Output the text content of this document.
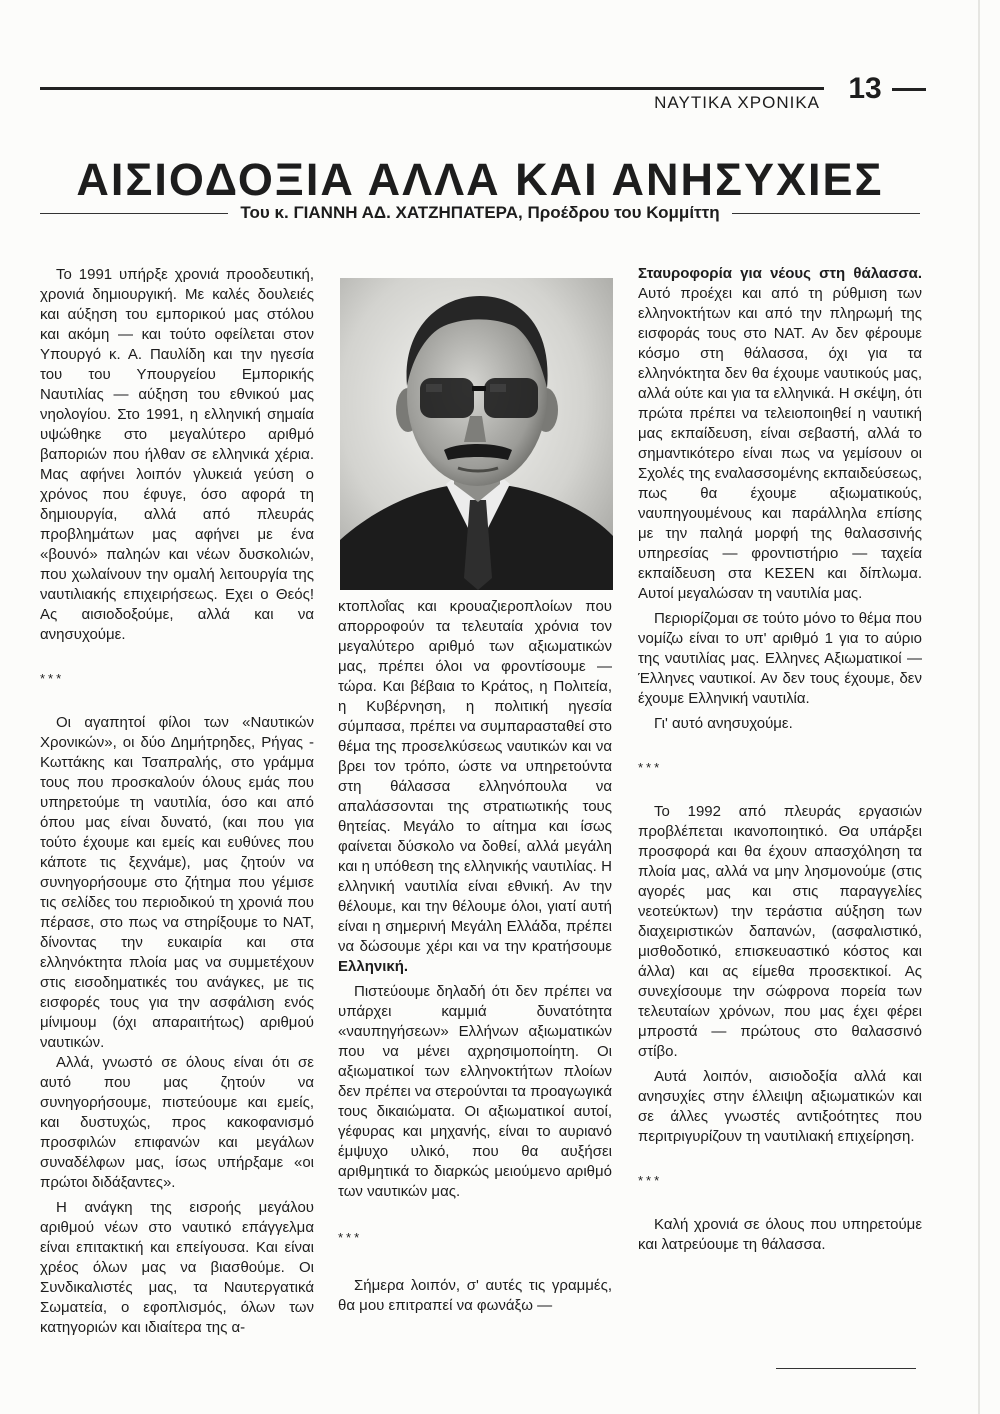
ΝΑΥΤΙΚΑ ΧΡΟΝΙΚΑ 13
ΑΙΣΙΟΔΟΞΙΑ ΑΛΛΑ ΚΑΙ ΑΝΗΣΥΧΙΕΣ
Του κ. ΓΙΑΝΝΗ ΑΔ. ΧΑΤΖΗΠΑΤΕΡΑ, Προέδρου του Κομμίττη

Το 1991 υπήρξε χρονιά προοδευτική, χρονιά δημιουργική. Με καλές δουλειές και αύξηση του εμπορικού μας στόλου και ακόμη — και τούτο οφείλεται στον Υπουργό κ. Α. Παυλίδη και την ηγεσία του του Υπουργείου Εμπορικής Ναυτιλίας — αύξηση του εθνικού μας νηολογίου. Στο 1991, η ελληνική σημαία υψώθηκε στο μεγαλύτερο αριθμό βαποριών που ήλθαν σε ελληνικά χέρια. Μας αφήνει λοιπόν γλυκειά γεύση ο χρόνος που έφυγε, όσο αφορά τη δημιουργία, αλλά από πλευράς προβλημάτων μας αφήνει με ένα «βουνό» παληών και νέων δυσκολιών, που χωλαίνουν την ομαλή λειτουργία της ναυτιλιακής επιχειρήσεως. Εχει ο Θεός! Ας αισιοδοξούμε, αλλά και να ανησυχούμε.

***

Οι αγαπητοί φίλοι των «Ναυτικών Χρονικών», οι δύο Δημήτρηδες, Ρήγας - Κωττάκης και Τσαπραλής, στο γράμμα τους που προσκαλούν όλους εμάς που υπηρετούμε τη ναυτιλία, όσο και από όπου μας είναι δυνατό, (και που για τούτο έχουμε και εμείς και ευθύνες που κάποτε τις ξεχνάμε), μας ζητούν να συνηγορήσουμε στο ζήτημα που γέμισε τις σελίδες του περιοδικού τη χρονιά που πέρασε, στο πως να στηρίξουμε το ΝΑΤ, δίνοντας την ευκαιρία και στα ελληνόκτητα πλοία μας να συμμετέχουν στις εισοδηματικές του ανάγκες, με τις εισφορές τους για την ασφάλιση ενός μίνιμουμ (όχι απαραιτήτως) αριθμού ναυτικών.

Αλλά, γνωστό σε όλους είναι ότι σε αυτό που μας ζητούν να συνηγορήσουμε, πιστεύουμε και εμείς, και δυστυχώς, προς κακοφανισμό προσφιλών επιφανών και μεγάλων συναδέλφων μας, ίσως υπήρξαμε «οι πρώτοι διδάξαντες».

Η ανάγκη της εισροής μεγάλου αριθμού νέων στο ναυτικό επάγγελμα είναι επιτακτική και επείγουσα. Και είναι χρέος όλων μας να βιασθούμε. Οι Συνδικαλιστές μας, τα Ναυτεργατικά Σωματεία, ο εφοπλισμός, όλων των κατηγοριών και ιδιαίτερα της α-

κτοπλοΐας και κρουαζιεροπλοίων που απορροφούν τα τελευταία χρόνια τον μεγαλύτερο αριθμό των αξιωματικών μας, πρέπει όλοι να φροντίσουμε — τώρα. Και βέβαια το Κράτος, η Πολιτεία, η Κυβέρνηση, η πολιτική ηγεσία σύμπασα, πρέπει να συμπαρασταθεί στο θέμα της προσελκύσεως ναυτικών και να βρει τον τρόπο, ώστε να υπηρετούντα στη θάλασσα ελληνόπουλα να απαλάσσονται της στρατιωτικής τους θητείας. Μεγάλο το αίτημα και ίσως φαίνεται δύσκολο να δοθεί, αλλά μεγάλη και η υπόθεση της ελληνικής ναυτιλίας. Η ελληνική ναυτιλία είναι εθνική. Αν την θέλουμε, και την θέλουμε όλοι, γιατί αυτή είναι η σημερινή Μεγάλη Ελλάδα, πρέπει να δώσουμε χέρι και να την κρατήσουμε Ελληνική.

Πιστεύουμε δηλαδή ότι δεν πρέπει να υπάρχει καμμιά δυνατότητα «ναυπηγήσεων» Ελλήνων αξιωματικών που να μένει αχρησιμοποίητη. Οι αξιωματικοί των ελληνοκτήτων πλοίων δεν πρέπει να στερούνται τα προαγωγικά τους δικαιώματα. Οι αξιωματικοί αυτοί, γέφυρας και μηχανής, είναι το αυριανό έμψυχο υλικό, που θα αυξήσει αριθμητικά το διαρκώς μειούμενο αριθμό των ναυτικών μας.

***

Σήμερα λοιπόν, σ' αυτές τις γραμμές, θα μου επιτραπεί να φωνάξω —

Σταυροφορία για νέους στη θάλασσα. Αυτό προέχει και από τη ρύθμιση των ελληνοκτήτων και από την πληρωμή της εισφοράς τους στο ΝΑΤ. Αν δεν φέρουμε κόσμο στη θάλασσα, όχι για τα ελληνόκτητα δεν θα έχουμε ναυτικούς μας, αλλά ούτε και για τα ελληνικά. Η σκέψη, ότι πρώτα πρέπει να τελειοποιηθεί η ναυτική μας εκπαίδευση, είναι σεβαστή, αλλά το σημαντικότερο είναι πως να γεμίσουν οι Σχολές της εναλασσομένης εκπαιδεύσεως, πως θα έχουμε αξιωματικούς, ναυπηγουμένους και παράλληλα επίσης με την παληά μορφή της θαλασσινής υπηρεσίας — φροντιστήριο — ταχεία εκπαίδευση στα ΚΕΣΕΝ και δίπλωμα. Αυτοί μεγαλώσαν τη ναυτιλία μας.

Περιορίζομαι σε τούτο μόνο το θέμα που νομίζω είναι το υπ' αριθμό 1 για το αύριο της ναυτιλίας μας. Ελληνες Αξιωματικοί — Έλληνες ναυτικοί. Αν δεν τους έχουμε, δεν έχουμε Ελληνική ναυτιλία.

Γι' αυτό ανησυχούμε.

***

Το 1992 από πλευράς εργασιών προβλέπεται ικανοποιητικό. Θα υπάρξει προσφορά και θα έχουν απασχόληση τα πλοία μας, αλλά να μην λησμονούμε (στις αγορές μας και στις παραγγελίες νεοτεύκτων) την τεράστια αύξηση των διαχειριστικών δαπανών, (ασφαλιστικό, μισθοδοτικό, επισκευαστικό κόστος και άλλα) και ας είμεθα προσεκτικοί. Ας συνεχίσουμε την σώφρονα πορεία των τελευταίων χρόνων, που μας έχει φέρει μπροστά — πρώτους στο θαλασσινό στίβο.

Αυτά λοιπόν, αισιοδοξία αλλά και ανησυχίες στην έλλειψη αξιωματικών και σε άλλες γνωστές αντιξοότητες που περιτριγυρίζουν τη ναυτιλιακή επιχείρηση.

***

Καλή χρονιά σε όλους που υπηρετούμε και λατρεύουμε τη θάλασσα.
